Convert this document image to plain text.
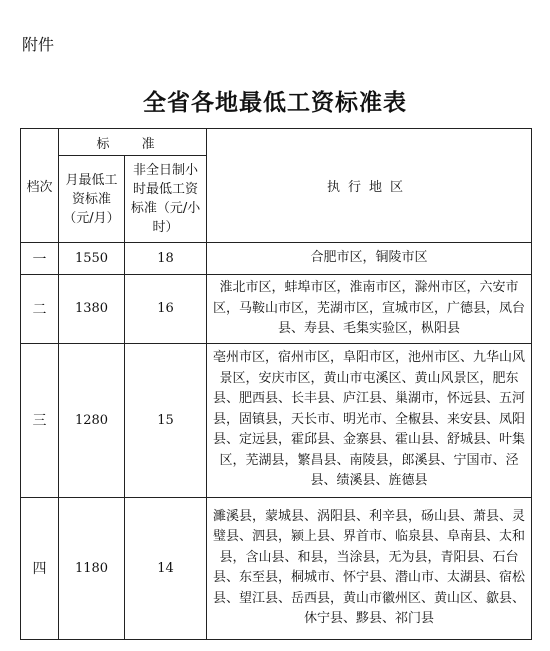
附件
全省各地最低工资标准表
档次	标 准		执行地区
	月最低工资标准（元/月）	非全日制小时最低工资标准（元/小时）	
一	1550	18	合肥市区，铜陵市区
二	1380	16	淮北市区，蚌埠市区，淮南市区，滁州市区，六安市区，马鞍山市区，芜湖市区，宣城市区，广德县，凤台县、寿县、毛集实验区，枞阳县
三	1280	15	亳州市区，宿州市区，阜阳市区，池州市区、九华山风景区，安庆市区，黄山市屯溪区、黄山风景区，肥东县、肥西县、长丰县、庐江县、巢湖市，怀远县、五河县，固镇县，天长市、明光市、全椒县、来安县、凤阳县、定远县，霍邱县、金寨县、霍山县、舒城县、叶集区，芜湖县，繁昌县、南陵县，郎溪县、宁国市、泾县、绩溪县、旌德县
四	1180	14	濉溪县，蒙城县、涡阳县、利辛县，砀山县、萧县、灵璧县、泗县，颍上县、界首市、临泉县、阜南县、太和县，含山县、和县，当涂县，无为县，青阳县、石台县、东至县，桐城市、怀宁县、潜山市、太湖县、宿松县、望江县、岳西县，黄山市徽州区、黄山区、歙县、休宁县、黟县、祁门县
